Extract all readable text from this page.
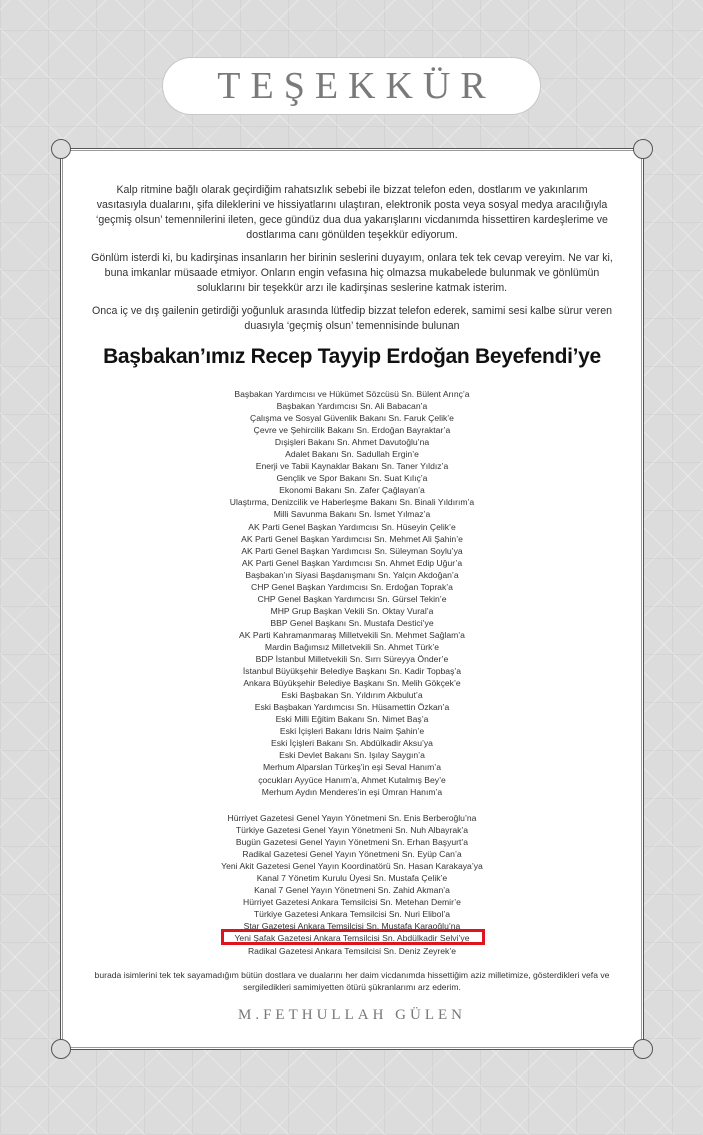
TEŞEKKÜR

Kalp ritmine bağlı olarak geçirdiğim rahatsızlık sebebi ile bizzat telefon eden, dostlarım ve yakınlarım vasıtasıyla dualarını, şifa dileklerini ve hissiyatlarını ulaştıran, elektronik posta veya sosyal medya aracılığıyla ‘geçmiş olsun’ temennilerini ileten, gece gündüz dua dua yakarışlarını vicdanımda hissettiren kardeşlerime ve dostlarıma canı gönülden teşekkür ediyorum.

Gönlüm isterdi ki, bu kadirşinas insanların her birinin seslerini duyayım, onlara tek tek cevap vereyim. Ne var ki, buna imkanlar müsaade etmiyor. Onların engin vefasına hiç olmazsa mukabelede bulunmak ve gönlümün soluklarını bir teşekkür arzı ile kadirşinas seslerine katmak isterim.

Onca iç ve dış gailenin getirdiği yoğunluk arasında lütfedip bizzat telefon ederek, samimi sesi kalbe sürur veren duasıyla ‘geçmiş olsun’ temennisinde bulunan

Başbakan’ımız Recep Tayyip Erdoğan Beyefendi’ye
Başbakan Yardımcısı ve Hükümet Sözcüsü Sn. Bülent Arınç’a
Başbakan Yardımcısı Sn. Ali Babacan’a
Çalışma ve Sosyal Güvenlik Bakanı Sn. Faruk Çelik’e
Çevre ve Şehircilik Bakanı Sn. Erdoğan Bayraktar’a
Dışişleri Bakanı Sn. Ahmet Davutoğlu’na
Adalet Bakanı Sn. Sadullah Ergin’e
Enerji ve Tabii Kaynaklar Bakanı Sn. Taner Yıldız’a
Gençlik ve Spor Bakanı Sn. Suat Kılıç’a
Ekonomi Bakanı Sn. Zafer Çağlayan’a
Ulaştırma, Denizcilik ve Haberleşme Bakanı Sn. Binali Yıldırım’a
Milli Savunma Bakanı Sn. İsmet Yılmaz’a
AK Parti Genel Başkan Yardımcısı Sn. Hüseyin Çelik’e
AK Parti Genel Başkan Yardımcısı Sn. Mehmet Ali Şahin’e
AK Parti Genel Başkan Yardımcısı Sn. Süleyman Soylu’ya
AK Parti Genel Başkan Yardımcısı Sn. Ahmet Edip Uğur’a
Başbakan’ın Siyasi Başdanışmanı Sn. Yalçın Akdoğan’a
CHP Genel Başkan Yardımcısı Sn. Erdoğan Toprak’a
CHP Genel Başkan Yardımcısı Sn. Gürsel Tekin’e
MHP Grup Başkan Vekili Sn. Oktay Vural’a
BBP Genel Başkanı Sn. Mustafa Destici’ye
AK Parti Kahramanmaraş Milletvekili Sn. Mehmet Sağlam’a
Mardin Bağımsız Milletvekili Sn. Ahmet Türk’e
BDP İstanbul Milletvekili Sn. Sırrı Süreyya Önder’e
İstanbul Büyükşehir Belediye Başkanı Sn. Kadir Topbaş’a
Ankara Büyükşehir Belediye Başkanı Sn. Melih Gökçek’e
Eski Başbakan Sn. Yıldırım Akbulut’a
Eski Başbakan Yardımcısı Sn. Hüsamettin Özkan’a
Eski Milli Eğitim Bakanı Sn. Nimet Baş’a
Eski İçişleri Bakanı İdris Naim Şahin’e
Eski İçişleri Bakanı Sn. Abdülkadir Aksu’ya
Eski Devlet Bakanı Sn. Işılay Saygın’a
Merhum Alparslan Türkeş’in eşi Seval Hanım’a
çocukları Ayyüce Hanım’a, Ahmet Kutalmış Bey’e
Merhum Aydın Menderes’in eşi Ümran Hanım’a
Hürriyet Gazetesi Genel Yayın Yönetmeni Sn. Enis Berberoğlu’na
Türkiye Gazetesi Genel Yayın Yönetmeni Sn. Nuh Albayrak’a
Bugün Gazetesi Genel Yayın Yönetmeni Sn. Erhan Başyurt’a
Radikal Gazetesi Genel Yayın Yönetmeni Sn. Eyüp Can’a
Yeni Akit Gazetesi Genel Yayın Koordinatörü Sn. Hasan Karakaya’ya
Kanal 7 Yönetim Kurulu Üyesi Sn. Mustafa Çelik’e
Kanal 7 Genel Yayın Yönetmeni Sn. Zahid Akman’a
Hürriyet Gazetesi Ankara Temsilcisi Sn. Metehan Demir’e
Türkiye Gazetesi Ankara Temsilcisi Sn. Nuri Elibol’a
Star Gazetesi Ankara Temsilcisi Sn. Mustafa Karaoğlu’na
Yeni Şafak Gazetesi Ankara Temsilcisi Sn. Abdülkadir Selvi’ye
Radikal Gazetesi Ankara Temsilcisi Sn. Deniz Zeyrek’e
burada isimlerini tek tek sayamadığım bütün dostlara ve dualarını her daim vicdanımda hissettiğim aziz milletimize, gösterdikleri vefa ve sergiledikleri samimiyetten ötürü şükranlarımı arz ederim.
M.FETHULLAH GÜLEN
